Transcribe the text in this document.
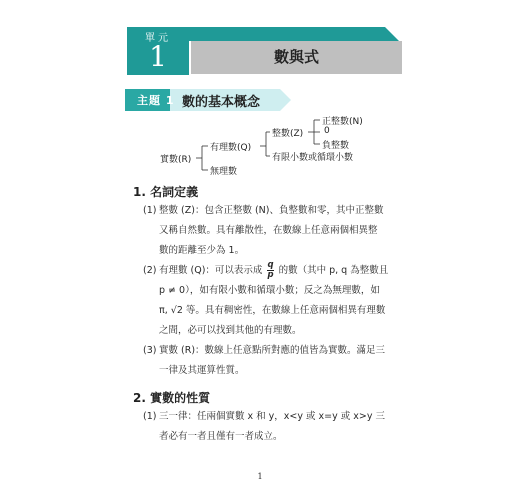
單元
1	數與式
主題 1 數的基本概念
實數(R)
有理數(Q)
無理數
整數(Z)
有限小數或循環小數
正整數(N)
0
負整數
1. 名詞定義
(1) 整數 (Z)：包含正整數 (N)、負整數和零，其中正整數
又稱自然數。具有離散性，在數線上任意兩個相異整
數的距離至少為 1。
(2) 有理數 (Q)：可以表示成 $\frac{q}{p}$ 的數（其中 p, q 為整數且
p ≠ 0），如有限小數和循環小數；反之為無理數，如
π, √2 等。具有稠密性，在數線上任意兩個相異有理數
之間，必可以找到其他的有理數。
(3) 實數 (R)：數線上任意點所對應的值皆為實數。滿足三
一律及其運算性質。
2. 實數的性質
(1) 三一律：任兩個實數 x 和 y，x<y 或 x=y 或 x>y 三
者必有一者且僅有一者成立。
1
